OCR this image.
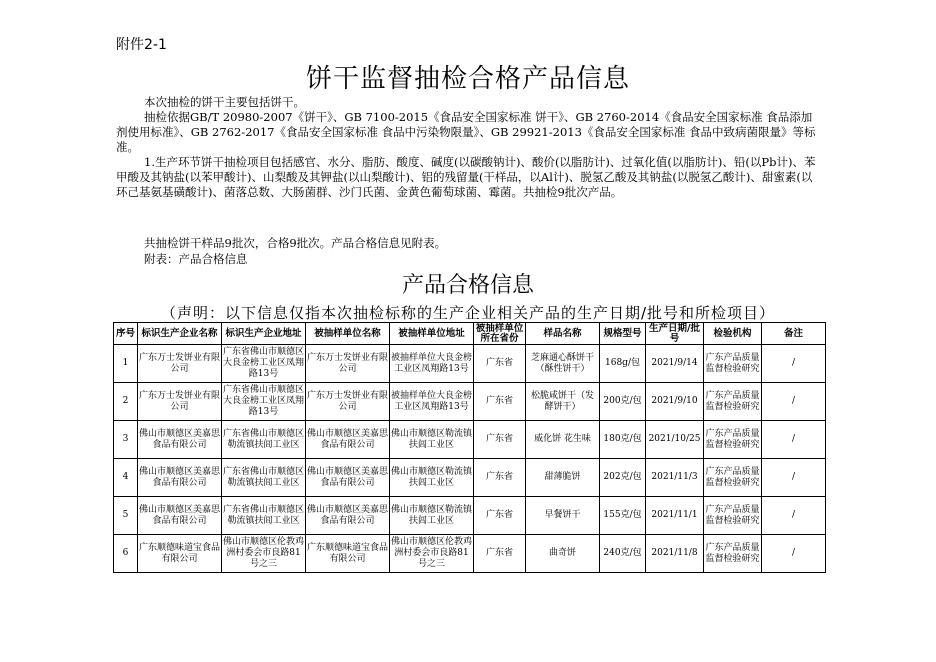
附件2-1
饼干监督抽检合格产品信息
本次抽检的饼干主要包括饼干。
抽检依据GB/T 20980-2007《饼干》、GB 7100-2015《食品安全国家标准 饼干》、GB 2760-2014《食品安全国家标准 食品添加剂使用标准》、GB 2762-2017《食品安全国家标准 食品中污染物限量》、GB 29921-2013《食品安全国家标准 食品中致病菌限量》等标准。
1.生产环节饼干抽检项目包括感官、水分、脂肪、酸度、碱度(以碳酸钠计)、酸价(以脂肪计)、过氧化值(以脂肪计)、铅(以Pb计)、苯甲酸及其钠盐(以苯甲酸计)、山梨酸及其钾盐(以山梨酸计)、铝的残留量(干样品，以Al计)、脱氢乙酸及其钠盐(以脱氢乙酸计)、甜蜜素(以环己基氨基磺酸计)、菌落总数、大肠菌群、沙门氏菌、金黄色葡萄球菌、霉菌。共抽检9批次产品。
共抽检饼干样品9批次，合格9批次。产品合格信息见附表。
附表：产品合格信息
产品合格信息
（声明：以下信息仅指本次抽检标称的生产企业相关产品的生产日期/批号和所检项目）
序号	标识生产企业名称	标识生产企业地址	被抽样单位名称	被抽样单位地址	被抽样单位所在省份	样品名称	规格型号	生产日期/批号	检验机构	备注
1	广东万士发饼业有限公司	广东省佛山市顺德区大良金榜工业区凤翔路13号	广东万士发饼业有限公司	被抽样单位大良金榜工业区凤翔路13号	广东省	芝麻通心酥饼干（酥性饼干）	168g/包	2021/9/14	广东产品质量监督检验研究	/
2	广东万士发饼业有限公司	广东省佛山市顺德区大良金榜工业区凤翔路13号	广东万士发饼业有限公司	被抽样单位大良金榜工业区凤翔路13号	广东省	松脆咸饼干（发酵饼干）	200克/包	2021/9/10	广东产品质量监督检验研究	/
3	佛山市顺德区美嘉思食品有限公司	广东省佛山市顺德区勒流镇扶闾工业区	佛山市顺德区美嘉思食品有限公司	佛山市顺德区勒流镇扶闾工业区	广东省	威化饼 花生味	180克/包	2021/10/25	广东产品质量监督检验研究	/
4	佛山市顺德区美嘉思食品有限公司	广东省佛山市顺德区勒流镇扶闾工业区	佛山市顺德区美嘉思食品有限公司	佛山市顺德区勒流镇扶闾工业区	广东省	甜薄脆饼	202克/包	2021/11/3	广东产品质量监督检验研究	/
5	佛山市顺德区美嘉思食品有限公司	广东省佛山市顺德区勒流镇扶闾工业区	佛山市顺德区美嘉思食品有限公司	佛山市顺德区勒流镇扶闾工业区	广东省	早餐饼干	155克/包	2021/11/1	广东产品质量监督检验研究	/
6	广东顺德味道宝食品有限公司	佛山市顺德区伦教鸡洲村委会市良路81号之三	广东顺德味道宝食品有限公司	佛山市顺德区伦教鸡洲村委会市良路81号之三	广东省	曲奇饼	240克/包	2021/11/8	广东产品质量监督检验研究	/
